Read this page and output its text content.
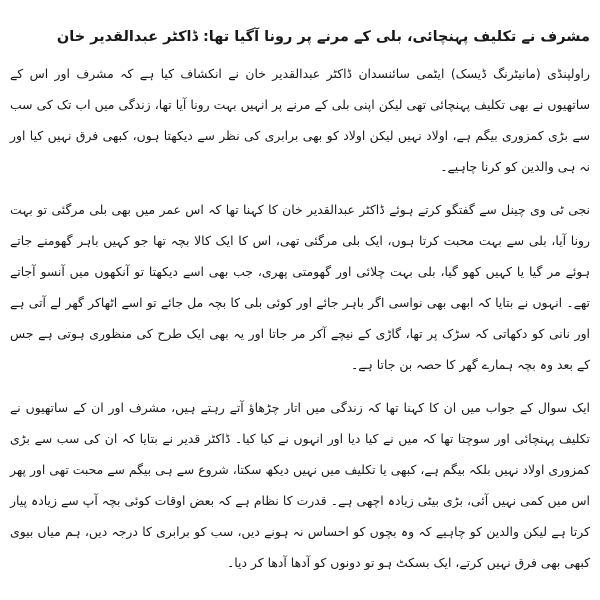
مشرف نے تکلیف پہنچائی، بلی کے مرنے پر رونا آگیا تھا: ڈاکٹر عبدالقدیر خان

راولپنڈی (مانیٹرنگ ڈیسک) ایٹمی سائنسدان ڈاکٹر عبدالقدیر خان نے انکشاف کیا ہے کہ مشرف اور اس کے ساتھیوں نے بھی تکلیف پہنچائی تھی لیکن اپنی بلی کے مرنے پر انہیں بہت رونا آیا تھا، زندگی میں اب تک کی سب سے بڑی کمزوری بیگم ہے، اولاد نہیں لیکن اولاد کو بھی برابری کی نظر سے دیکھتا ہوں، کبھی فرق نہیں کیا اور نہ ہی والدین کو کرنا چاہیے۔

نجی ٹی وی چینل سے گفتگو کرتے ہوئے ڈاکٹر عبدالقدیر خان کا کہنا تھا کہ اس عمر میں بھی بلی مرگئی تو بہت رونا آیا، بلی سے بہت محبت کرتا ہوں، ایک بلی مرگئی تھی، اس کا ایک کالا بچہ تھا جو کہیں باہر گھومنے جاتے ہوئے مر گیا یا کہیں کھو گیا، بلی بہت چلائی اور گھومتی پھری، جب بھی اسے دیکھتا تو آنکھوں میں آنسو آجاتے تھے۔ انہوں نے بتایا کہ ابھی بھی نواسی اگر باہر جائے اور کوئی بلی کا بچہ مل جائے تو اسے اٹھاکر گھر لے آتی ہے اور نانی کو دکھاتی کہ سڑک پر تھا، گاڑی کے نیچے آکر مر جاتا اور یہ بھی ایک طرح کی منظوری ہوتی ہے جس کے بعد وہ بچہ ہمارے گھر کا حصہ بن جاتا ہے۔

ایک سوال کے جواب میں ان کا کہنا تھا کہ زندگی میں اتار چڑھاؤ آتے رہتے ہیں، مشرف اور ان کے ساتھیوں نے تکلیف پہنچائی اور سوچتا تھا کہ میں نے کیا دیا اور انہوں نے کیا کیا۔ ڈاکٹر قدیر نے بتایا کہ ان کی سب سے بڑی کمزوری اولاد نہیں بلکہ بیگم ہے، کبھی یا تکلیف میں نہیں دیکھ سکتا، شروع سے ہی بیگم سے محبت تھی اور پھر اس میں کمی نہیں آئی، بڑی بیٹی زیادہ اچھی ہے۔ قدرت کا نظام ہے کہ بعض اوقات کوئی بچہ آپ سے زیادہ پیار کرتا ہے لیکن والدین کو چاہیے کہ وہ بچوں کو احساس نہ ہونے دیں، سب کو برابری کا درجہ دیں، ہم میاں بیوی کبھی بھی فرق نہیں کرتے، ایک بسکٹ ہو تو دونوں کو آدھا آدھا کر دیا۔
